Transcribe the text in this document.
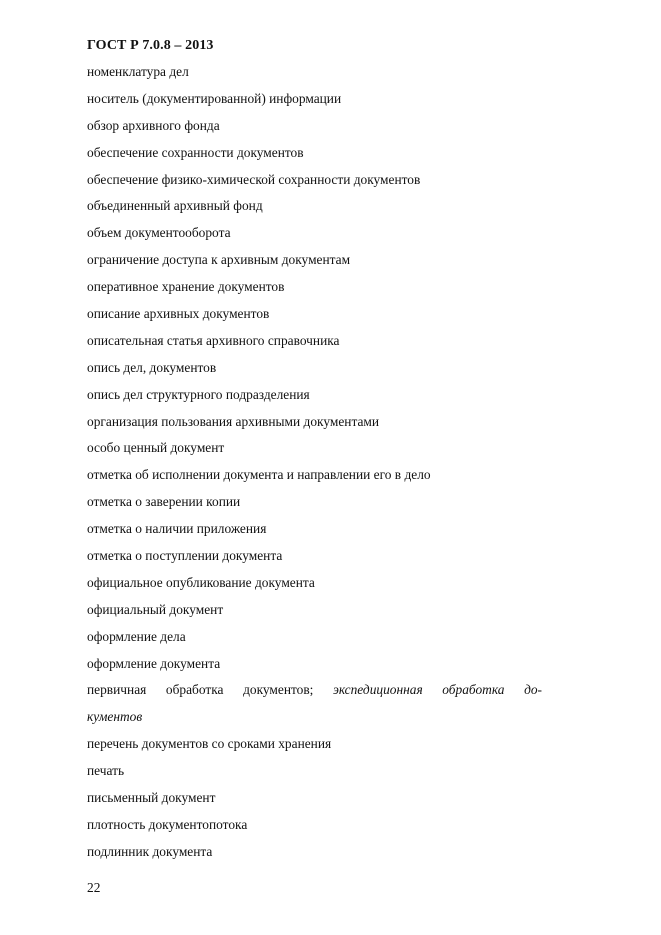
ГОСТ Р 7.0.8 – 2013
номенклатура дел
носитель (документированной) информации
обзор архивного фонда
обеспечение сохранности документов
обеспечение физико-химической сохранности документов
объединенный архивный фонд
объем документооборота
ограничение доступа к архивным документам
оперативное хранение документов
описание архивных документов
описательная статья архивного справочника
опись дел, документов
опись дел структурного подразделения
организация пользования архивными документами
особо ценный документ
отметка об исполнении документа и направлении его в дело
отметка о заверении копии
отметка о наличии приложения
отметка о поступлении документа
официальное опубликование документа
официальный документ
оформление дела
оформление документа
первичная обработка документов; экспедиционная обработка до-
кументов
перечень документов со сроками хранения
печать
письменный документ
плотность документопотока
подлинник документа
22
